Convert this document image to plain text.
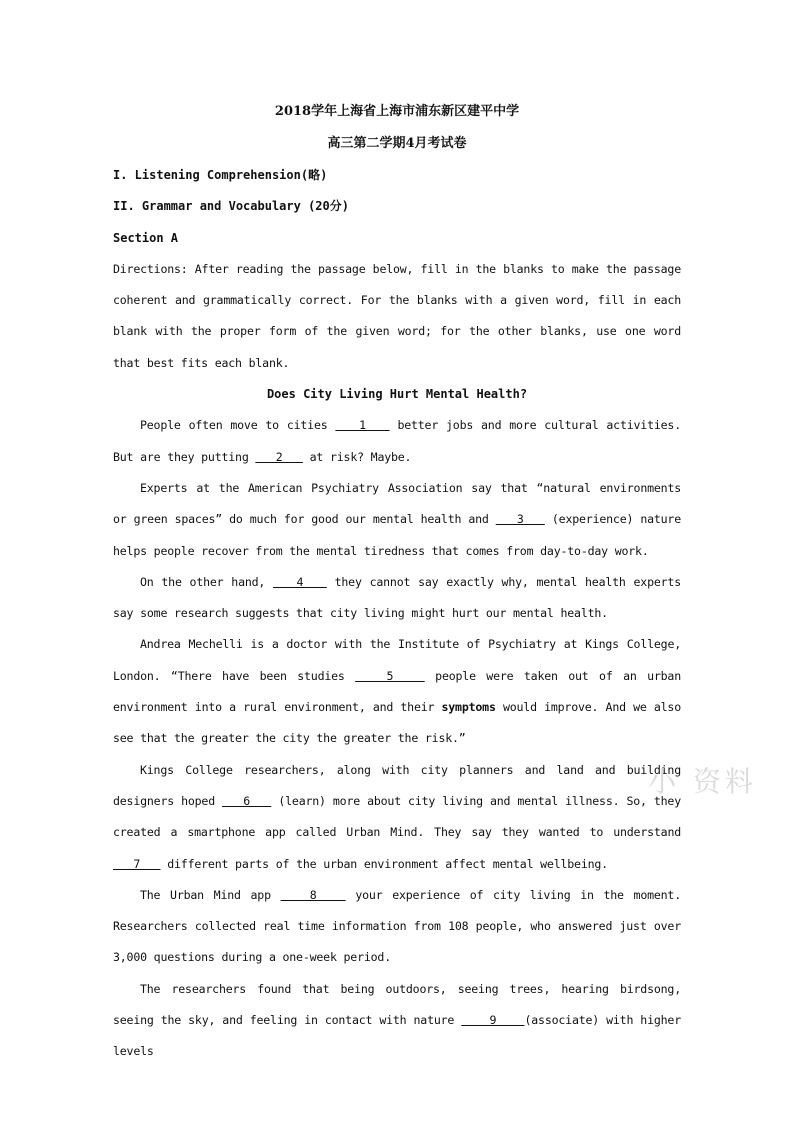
2018学年上海省上海市浦东新区建平中学

高三第二学期4月考试卷

I. Listening Comprehension(略)

II. Grammar and Vocabulary (20分)

Section A

Directions: After reading the passage below, fill in the blanks to make the passage coherent and grammatically correct. For the blanks with a given word, fill in each blank with the proper form of the given word; for the other blanks, use one word that best fits each blank.

Does City Living Hurt Mental Health?

People often move to cities    1    better jobs and more cultural activities. But are they putting    2    at risk? Maybe.

Experts at the American Psychiatry Association say that “natural environments or green spaces” do much for good our mental health and    3    (experience) nature helps people recover from the mental tiredness that comes from day-to-day work.

On the other hand,    4    they cannot say exactly why, mental health experts say some research suggests that city living might hurt our mental health.

Andrea Mechelli is a doctor with the Institute of Psychiatry at Kings College, London. “There have been studies    5    people were taken out of an urban environment into a rural environment, and their symptoms would improve. And we also see that the greater the city the greater the risk.”

Kings College researchers, along with city planners and land and building designers hoped    6    (learn) more about city living and mental illness. So, they created a smartphone app called Urban Mind. They say they wanted to understand    7    different parts of the urban environment affect mental wellbeing.

The Urban Mind app    8    your experience of city living in the moment. Researchers collected real time information from 108 people, who answered just over 3,000 questions during a one-week period.

The researchers found that being outdoors, seeing trees, hearing birdsong, seeing the sky, and feeling in contact with nature     9    (associate) with higher levels

小 资料
